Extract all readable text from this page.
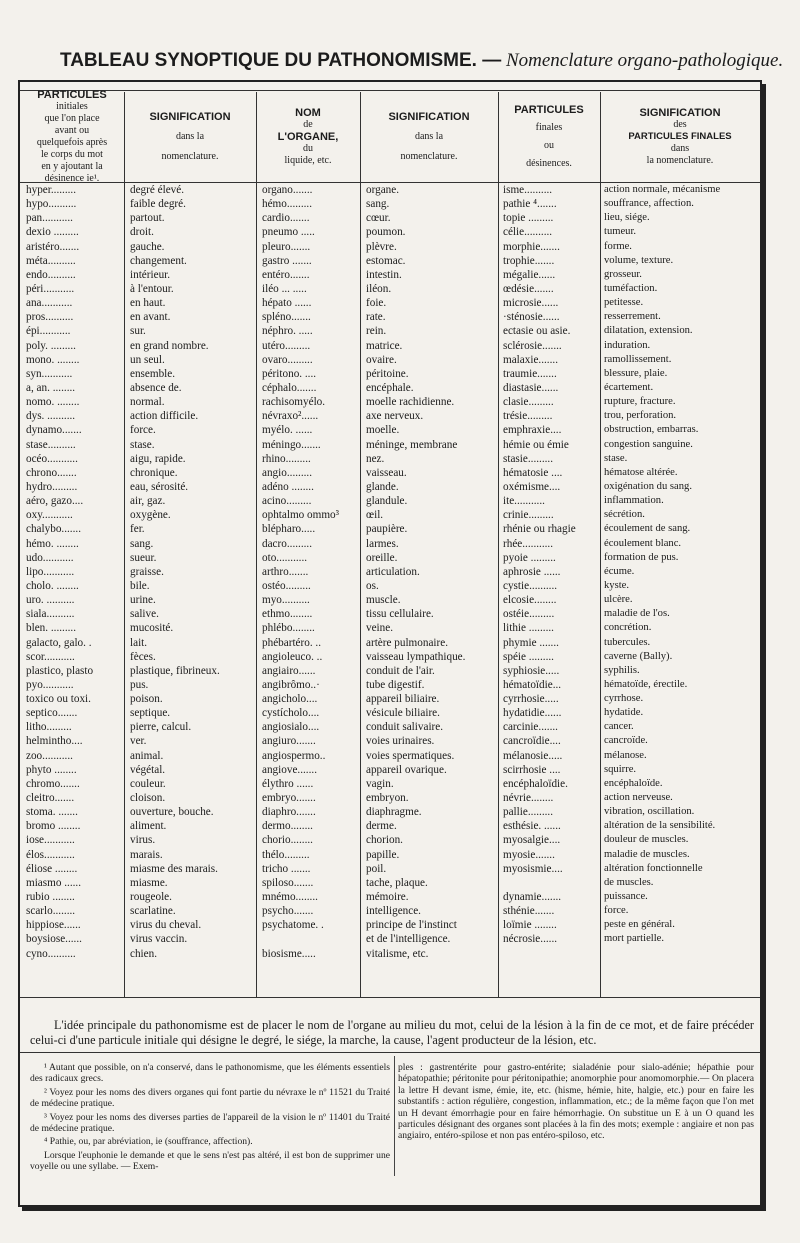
TABLEAU SYNOPTIQUE DU PATHONOMISME. — Nomenclature organo-pathologique.
PARTICULES
initiales
que l'on place
avant ou
quelquefois après
le corps du mot
en y ajoutant la
désinence ie¹.
SIGNIFICATION
dans la
nomenclature.
NOM
de
L'ORGANE,
du
liquide, etc.
SIGNIFICATION
dans la
nomenclature.
PARTICULES
finales
ou
désinences.
SIGNIFICATION
des
PARTICULES FINALES
dans
la nomenclature.
hyper.........
hypo..........
pan...........
dexio .........
aristéro.......
méta..........
endo..........
péri...........
ana...........
pros..........
épi...........
poly. .........
mono. ........
syn...........
a, an. ........
nomo. ........
dys. ..........
dynamo.......
stase..........
océo...........
chrono.......
hydro.........
aéro, gazo....
oxy...........
chalybo.......
hémo. ........
udo...........
lipo...........
cholo. ........
uro. ..........
siala..........
blen. .........
galacto, galo. .
scor...........
plastico, plasto
pyo...........
toxico ou toxi.
septico.......
litho.........
helmintho....
zoo...........
phyto ........
chromo.......
cleitro.......
stoma. .......
bromo ........
iose...........
élos...........
éliose ........
miasmo ......
rubio ........
scarlo........
hippiose......
boysiose......
cyno..........
degré élevé.
faible degré.
partout.
droit.
gauche.
changement.
intérieur.
à l'entour.
en haut.
en avant.
sur.
en grand nombre.
un seul.
ensemble.
absence de.
normal.
action difficile.
force.
stase.
aigu, rapide.
chronique.
eau, sérosité.
air, gaz.
oxygène.
fer.
sang.
sueur.
graisse.
bile.
urine.
salive.
mucosité.
lait.
fèces.
plastique, fibrineux.
pus.
poison.
septique.
pierre, calcul.
ver.
animal.
végétal.
couleur.
cloison.
ouverture, bouche.
aliment.
virus.
marais.
miasme des marais.
miasme.
rougeole.
scarlatine.
virus du cheval.
virus vaccin.
chien.
organo.......
hémo.........
cardio.......
pneumo .....
pleuro.......
gastro .......
entéro.......
iléo ... .....
hépato ......
spléno.......
néphro. .....
utéro.........
ovaro.........
péritono. ....
céphalo.......
rachisomyélo.
névraxo²......
myélo. ......
méningo.......
rhino.........
angio.........
adéno ........
acino.........
ophtalmo ommo³
blépharo.....
dacro.........
oto...........
arthro.......
ostéo.........
myo..........
ethmo........
phlébo........
phébartéro. ..
angioleuco. ..
angiairo......
angibrômo..·
angicholo....
cystícholo....
angiosialo....
angiuro.......
angiospermo..
angiove.......
élythro ......
embryo.......
diaphro.......
dermo........
chorio........
thélo.........
tricho .......
spiloso.......
mnémo........
psycho.......
psychatome. .
biosisme.....
organe.
sang.
cœur.
poumon.
plèvre.
estomac.
intestin.
iléon.
foie.
rate.
rein.
matrice.
ovaire.
péritoine.
encéphale.
moelle rachidienne.
axe nerveux.
moelle.
méninge, membrane
nez.
vaisseau.
glande.
glandule.
œil.
paupière.
larmes.
oreille.
articulation.
os.
muscle.
tissu cellulaire.
veine.
artère pulmonaire.
vaisseau lympathique.
conduit de l'air.
tube digestif.
appareil biliaire.
vésicule biliaire.
conduit salivaire.
voies urinaires.
voies spermatiques.
appareil ovarique.
vagin.
embryon.
diaphragme.
derme.
chorion.
papille.
poil.
tache, plaque.
mémoire.
intelligence.
principe de l'instinct
et de l'intelligence.
vitalisme, etc.
isme..........
pathie ⁴.......
topie .........
célie..........
morphie.......
trophie.......
mégalie......
œdésie.......
microsie......
·sténosie......
ectasie ou asie.
sclérosie.......
malaxie.......
traumie.......
diastasie......
clasie.........
trésie.........
emphraxie....
hémie ou émie
stasie.........
hématosie ....
oxémisme....
ite...........
crinie.........
rhénie ou rhagie
rhée...........
pyoie .........
aphrosie ......
cystie..........
elcosie........
ostéie.........
lithie .........
phymie .......
spéie .........
syphiosie.....
hématoïdie...
cyrrhosie.....
hydatidie......
carcinie.......
cancroïdie....
mélanosie.....
scirrhosie ....
encéphaloïdie.
névrie........
pallie.........
esthésie. ......
myosalgie....
myosie.......
myosismie....
dynamie.......
sthénie.......
loïmie ........
nécrosie......
action normale, mécanisme
souffrance, affection.
lieu, siége.
tumeur.
forme.
volume, texture.
grosseur.
tuméfaction.
petitesse.
resserrement.
dilatation, extension.
induration.
ramollissement.
blessure, plaie.
écartement.
rupture, fracture.
trou, perforation.
obstruction, embarras.
congestion sanguine.
stase.
hématose altérée.
oxigénation du sang.
inflammation.
sécrétion.
écoulement de sang.
écoulement blanc.
formation de pus.
écume.
kyste.
ulcère.
maladie de l'os.
concrétion.
tubercules.
caverne (Bally).
syphilis.
hématoïde, érectile.
cyrrhose.
hydatide.
cancer.
cancroïde.
mélanose.
squirre.
encéphaloïde.
action nerveuse.
vibration, oscillation.
altération de la sensibilité.
douleur de muscles.
maladie de muscles.
altération fonctionnelle
de muscles.
puissance.
force.
peste en général.
mort partielle.

L'idée principale du pathonomisme est de placer le nom de l'organe au milieu du mot, celui de la lésion à la fin de ce mot, et de faire précéder celui-ci d'une particule initiale qui désigne le degré, le siége, la marche, la cause, l'agent producteur de la lésion, etc.

¹ Autant que possible, on n'a conservé, dans le pathonomisme, que les éléments essentiels des radicaux grecs.

² Voyez pour les noms des divers organes qui font partie du névraxe le nº 11521 du Traité de médecine pratique.

³ Voyez pour les noms des diverses parties de l'appareil de la vision le nº 11401 du Traité de médecine pratique.

⁴ Pathie, ou, par abréviation, ie (souffrance, affection).

Lorsque l'euphonie le demande et que le sens n'est pas altéré, il est bon de supprimer une voyelle ou une syllabe. — Exem-

ples : gastrentérite pour gastro-entérite; sialadénie pour sialo-adénie; hépathie pour hépatopathie; péritonite pour péritonipathie; anomorphie pour anomomorphie.— On placera la lettre H devant isme, émie, ite, etc. (hisme, hémie, hite, halgie, etc.) pour en faire les substantifs : action régulière, congestion, inflammation, etc.; de la même façon que l'on met un H devant émorrhagie pour en faire hémorrhagie. On substitue un E à un O quand les particules désignant des organes sont placées à la fin des mots; exemple : angiaire et non pas angiairo, entéro-spilose et non pas entéro-spiloso, etc.
